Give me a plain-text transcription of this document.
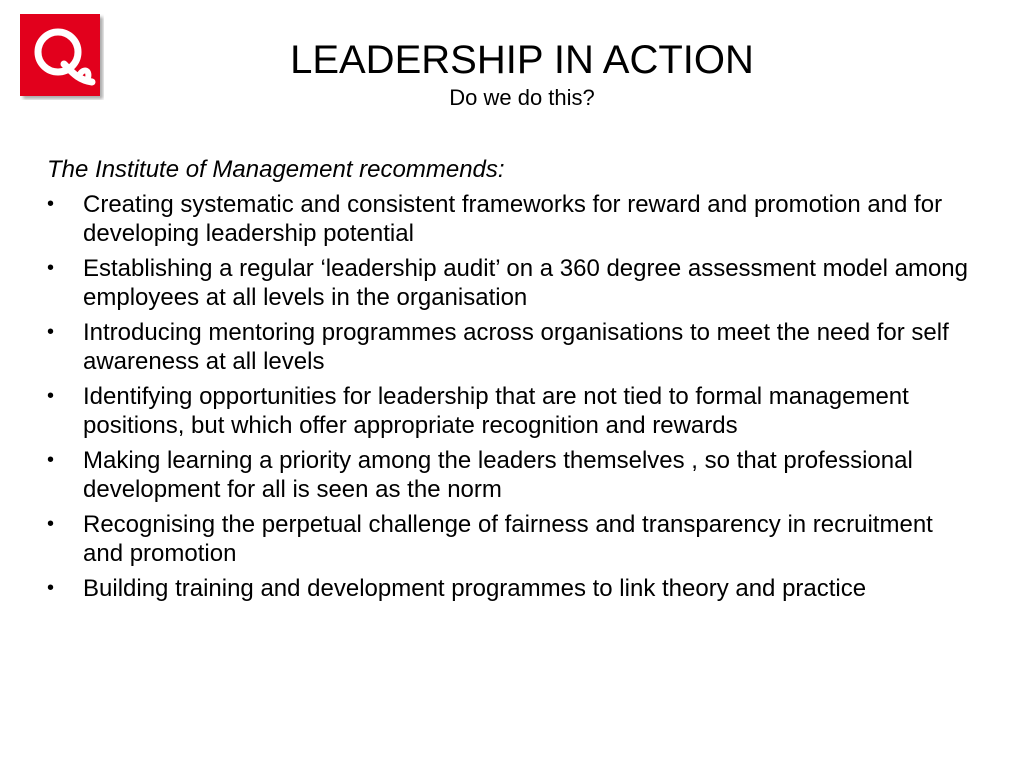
LEADERSHIP IN ACTION

Do we do this?

The Institute of Management recommends:

• Creating systematic and consistent frameworks for reward and promotion and for developing leadership potential
• Establishing a regular ‘leadership audit’ on a 360 degree assessment model among employees at all levels in the organisation
• Introducing mentoring programmes across organisations to meet the need for self awareness at all levels
• Identifying opportunities for leadership that are not tied to formal management positions, but which offer appropriate recognition and rewards
• Making learning a priority among the leaders themselves , so that professional development for all is seen as the norm
• Recognising the perpetual challenge of fairness and transparency in recruitment and promotion
• Building training and development programmes to link theory and practice
